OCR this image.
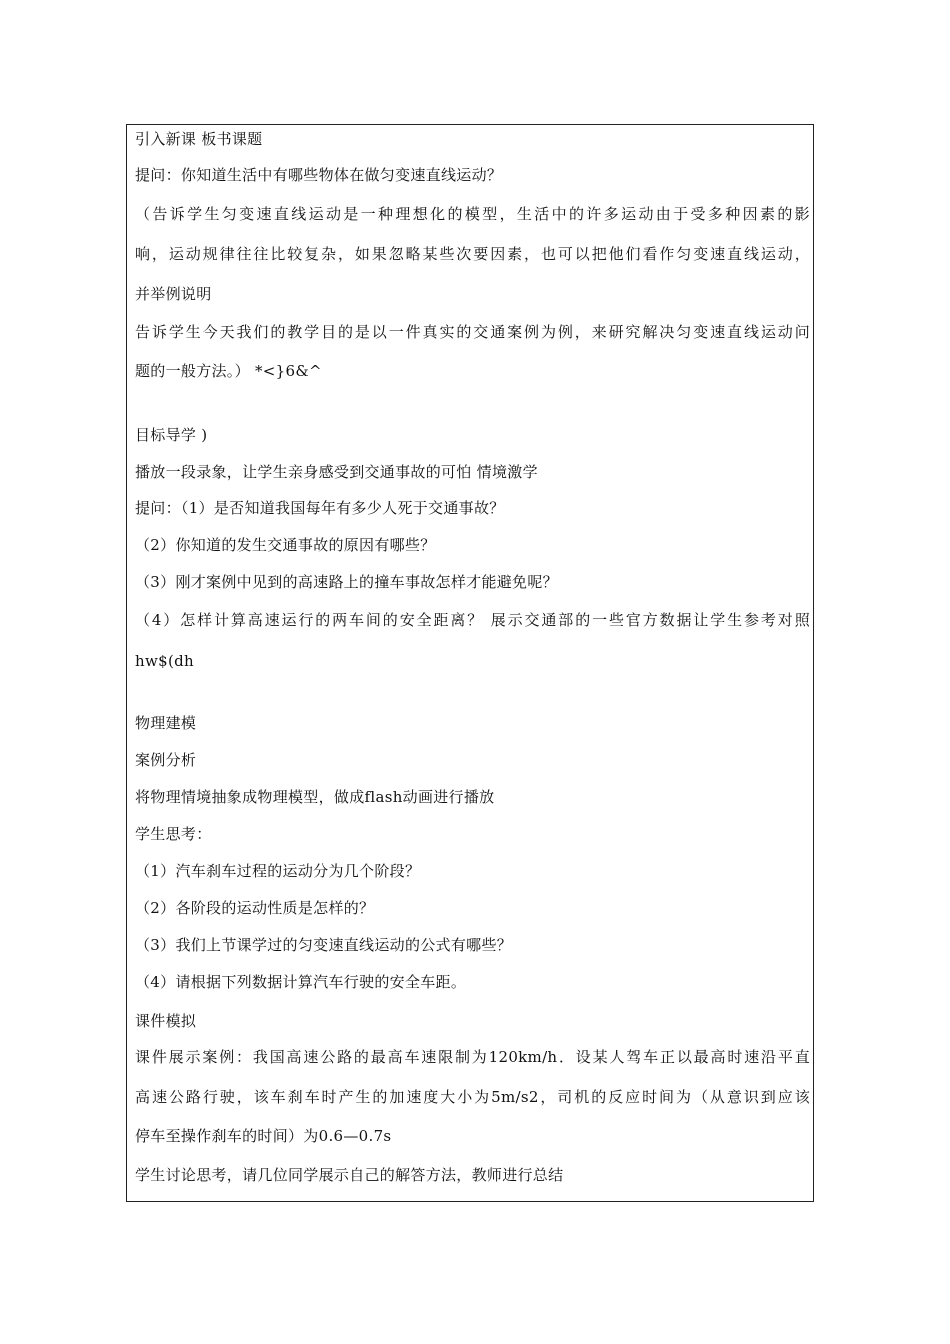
引入新课 板书课题
提问：你知道生活中有哪些物体在做匀变速直线运动？
（告诉学生匀变速直线运动是一种理想化的模型，生活中的许多运动由于受多种因素的影
响，运动规律往往比较复杂，如果忽略某些次要因素，也可以把他们看作匀变速直线运动，
并举例说明
告诉学生今天我们的教学目的是以一件真实的交通案例为例，来研究解决匀变速直线运动问
题的一般方法。） *<}6&^
目标导学 )
播放一段录象，让学生亲身感受到交通事故的可怕 情境激学
提问：（1）是否知道我国每年有多少人死于交通事故？
（2）你知道的发生交通事故的原因有哪些？
（3）刚才案例中见到的高速路上的撞车事故怎样才能避免呢？
（4）怎样计算高速运行的两车间的安全距离？ 展示交通部的一些官方数据让学生参考对照
hw$(dh
物理建模
案例分析
将物理情境抽象成物理模型，做成flash动画进行播放
学生思考：
（1）汽车刹车过程的运动分为几个阶段？
（2）各阶段的运动性质是怎样的？
（3）我们上节课学过的匀变速直线运动的公式有哪些？
（4）请根据下列数据计算汽车行驶的安全车距。
课件模拟
课件展示案例：我国高速公路的最高车速限制为120km/h．设某人驾车正以最高时速沿平直
高速公路行驶，该车刹车时产生的加速度大小为5m/s2，司机的反应时间为（从意识到应该
停车至操作刹车的时间）为0.6—0.7s
学生讨论思考，请几位同学展示自己的解答方法，教师进行总结
